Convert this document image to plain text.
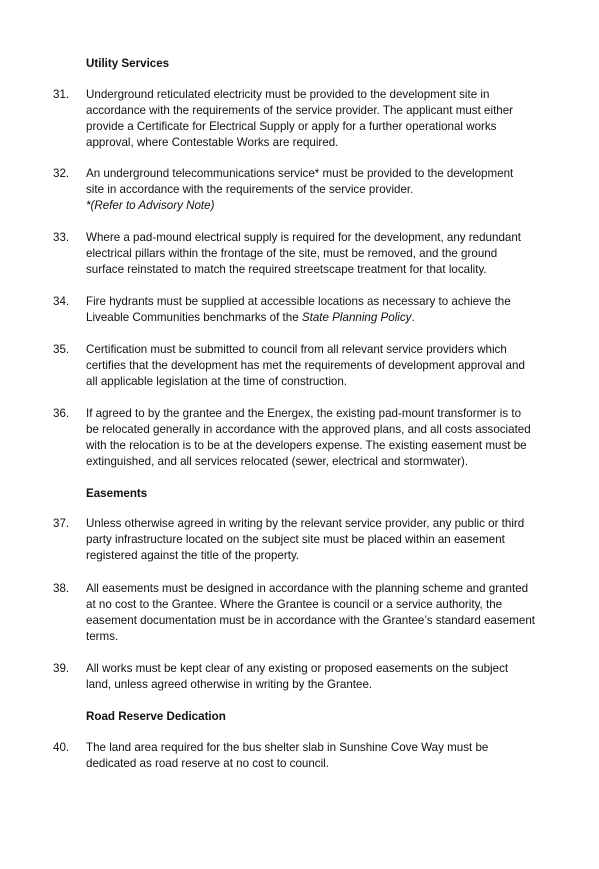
Utility Services
31.	Underground reticulated electricity must be provided to the development site in
accordance with the requirements of the service provider. The applicant must either
provide a Certificate for Electrical Supply or apply for a further operational works
approval, where Contestable Works are required.
32.	An underground telecommunications service* must be provided to the development
site in accordance with the requirements of the service provider.
*(Refer to Advisory Note)
33.	Where a pad-mound electrical supply is required for the development, any redundant
electrical pillars within the frontage of the site, must be removed, and the ground
surface reinstated to match the required streetscape treatment for that locality.
34.	Fire hydrants must be supplied at accessible locations as necessary to achieve the
Liveable Communities benchmarks of the State Planning Policy.
35.	Certification must be submitted to council from all relevant service providers which
certifies that the development has met the requirements of development approval and
all applicable legislation at the time of construction.
36.	If agreed to by the grantee and the Energex, the existing pad-mount transformer is to
be relocated generally in accordance with the approved plans, and all costs associated
with the relocation is to be at the developers expense. The existing easement must be
extinguished, and all services relocated (sewer, electrical and stormwater).
Easements
37.	Unless otherwise agreed in writing by the relevant service provider, any public or third
party infrastructure located on the subject site must be placed within an easement
registered against the title of the property.
38.	All easements must be designed in accordance with the planning scheme and granted
at no cost to the Grantee. Where the Grantee is council or a service authority, the
easement documentation must be in accordance with the Grantee’s standard easement
terms.
39.	All works must be kept clear of any existing or proposed easements on the subject
land, unless agreed otherwise in writing by the Grantee.
Road Reserve Dedication
40.	The land area required for the bus shelter slab in Sunshine Cove Way must be
dedicated as road reserve at no cost to council.
